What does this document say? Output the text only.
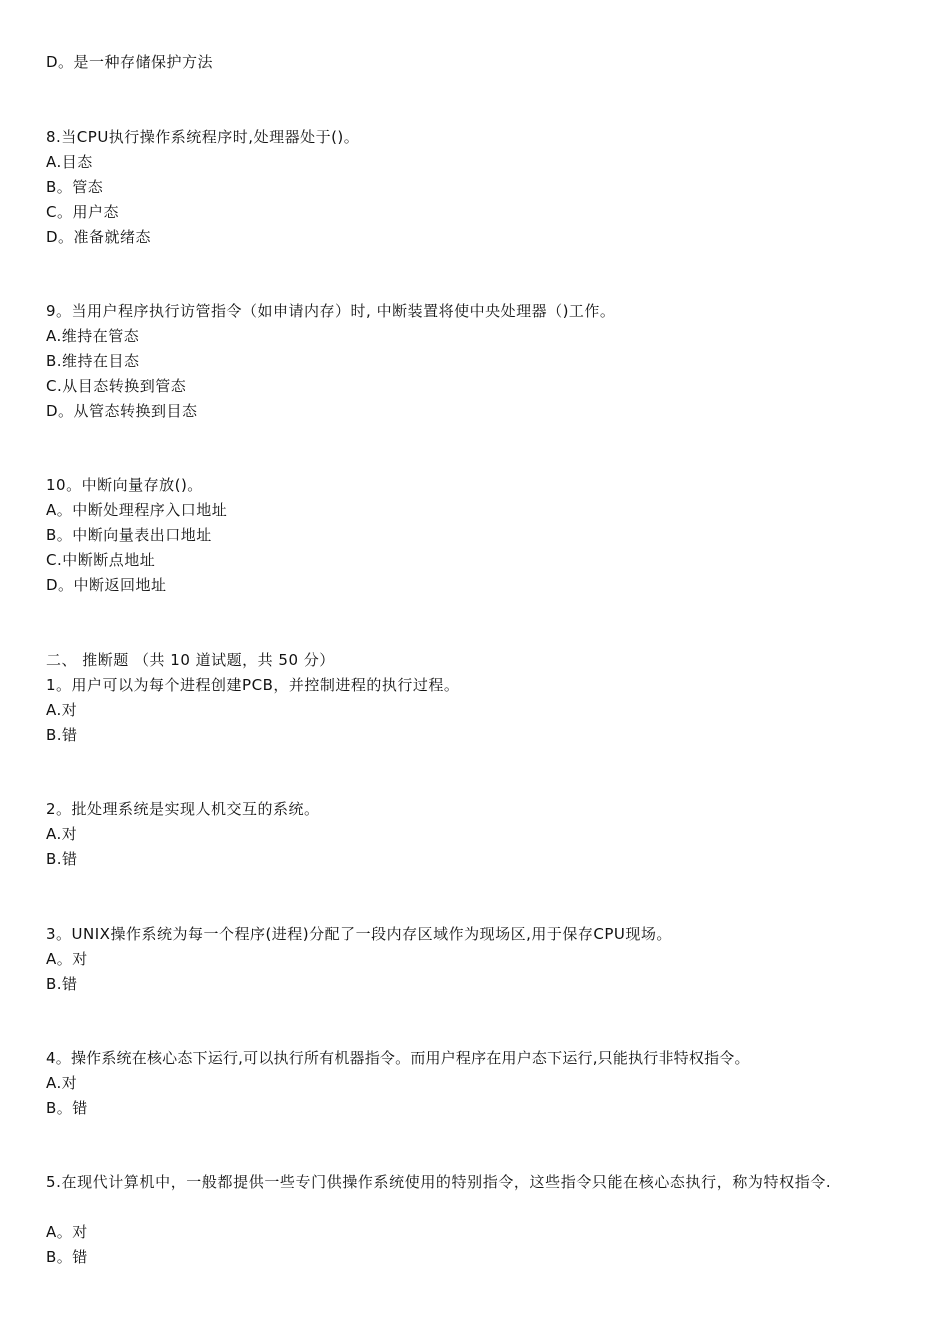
D。是一种存储保护方法
8.当CPU执行操作系统程序时,处理器处于()。
A.目态
B。管态
C。用户态
D。准备就绪态
9。当用户程序执行访管指令（如申请内存）时, 中断装置将使中央处理器（)工作。
A.维持在管态
B.维持在目态
C.从目态转换到管态
D。从管态转换到目态
10。中断向量存放()。
A。中断处理程序入口地址
B。中断向量表出口地址
C.中断断点地址
D。中断返回地址
二、 推断题 （共 10 道试题，共 50 分）
1。用户可以为每个进程创建PCB，并控制进程的执行过程。
A.对
B.错
2。批处理系统是实现人机交互的系统。
A.对
B.错
3。UNIX操作系统为每一个程序(进程)分配了一段内存区域作为现场区,用于保存CPU现场。
A。对
B.错
4。操作系统在核心态下运行,可以执行所有机器指令。而用户程序在用户态下运行,只能执行非特权指令。
A.对
B。错
5.在现代计算机中，一般都提供一些专门供操作系统使用的特别指令，这些指令只能在核心态执行，称为特权指令.
A。对
B。错
